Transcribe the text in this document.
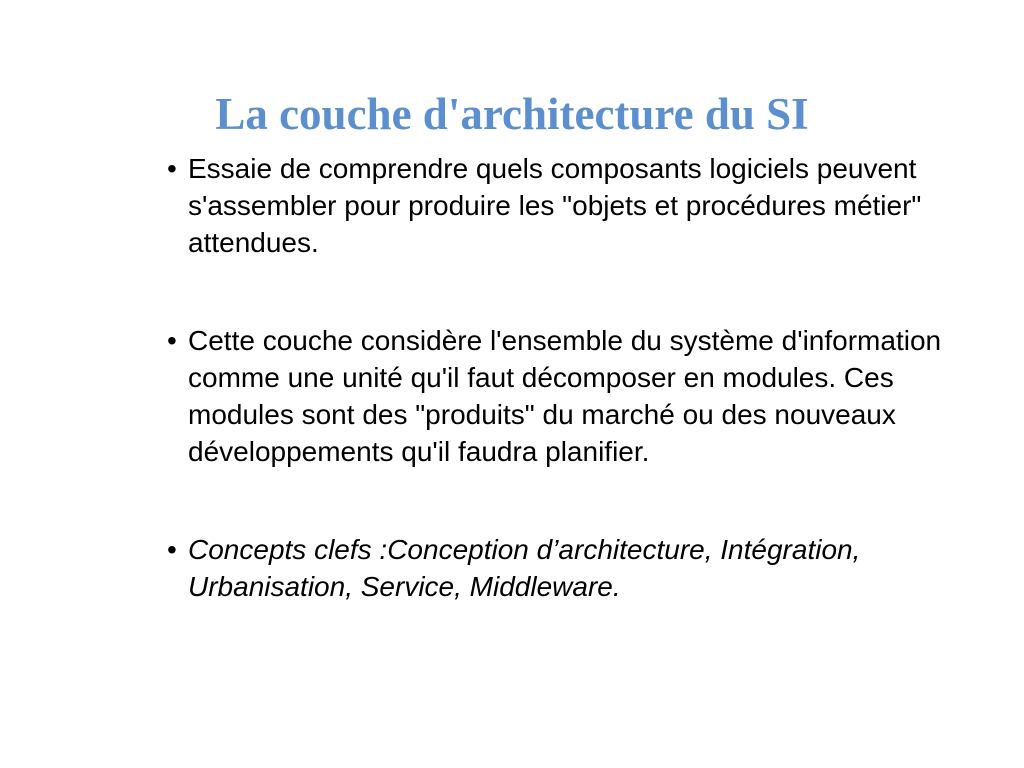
La couche d'architecture du SI
• Essaie de comprendre quels composants logiciels peuvent s'assembler pour produire les "objets et procédures métier" attendues.
• Cette couche considère l'ensemble du système d'information comme une unité qu'il faut décomposer en modules. Ces modules sont des "produits" du marché ou des nouveaux développements qu'il faudra planifier.
• Concepts clefs :Conception d’architecture, Intégration, Urbanisation, Service, Middleware.
